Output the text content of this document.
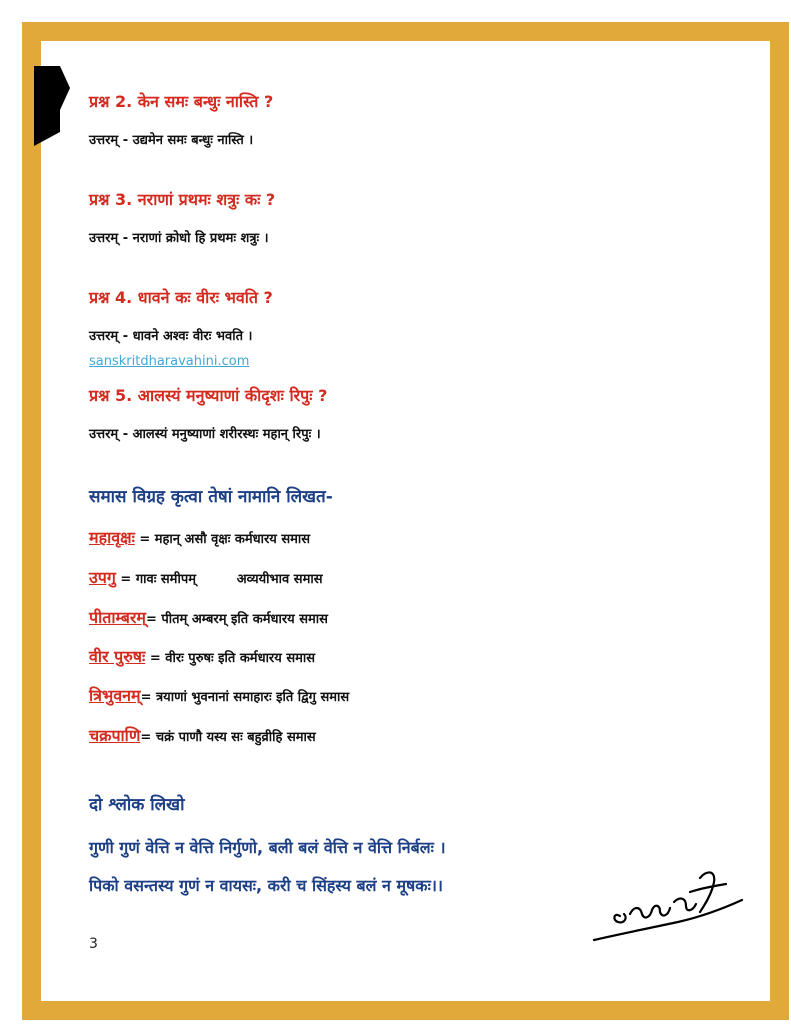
प्रश्न 2. केन समः बन्धुः नास्ति ?
उत्तरम् - उद्यमेन समः बन्धुः नास्ति ।
प्रश्न 3. नराणां प्रथमः शत्रुः कः ?
उत्तरम् - नराणां क्रोधो हि प्रथमः शत्रुः ।
प्रश्न 4. धावने कः वीरः भवति ?
उत्तरम् - धावने अश्वः वीरः भवति ।
sanskritdharavahini.com
प्रश्न 5. आलस्यं मनुष्याणां कीदृशः रिपुः ?
उत्तरम् - आलस्यं मनुष्याणां शरीरस्थः महान् रिपुः ।
समास विग्रह कृत्वा तेषां नामानि लिखत-
महावृक्षः = महान् असौ वृक्षः कर्मधारय समास
उपगु = गावः समीपम्         अव्ययीभाव समास
पीताम्बरम्= पीतम् अम्बरम् इति कर्मधारय समास
वीर पुरुषः = वीरः पुरुषः इति कर्मधारय समास
त्रिभुवनम्= त्रयाणां भुवनानां समाहारः इति द्विगु समास
चक्रपाणि= चक्रं पाणौ यस्य सः बहुव्रीहि समास
दो श्लोक लिखो
गुणी गुणं वेत्ति न वेत्ति निर्गुणो, बली बलं वेत्ति न वेत्ति निर्बलः ।
पिको वसन्तस्य गुणं न वायसः, करी च सिंहस्य बलं न मूषकः।।
3
